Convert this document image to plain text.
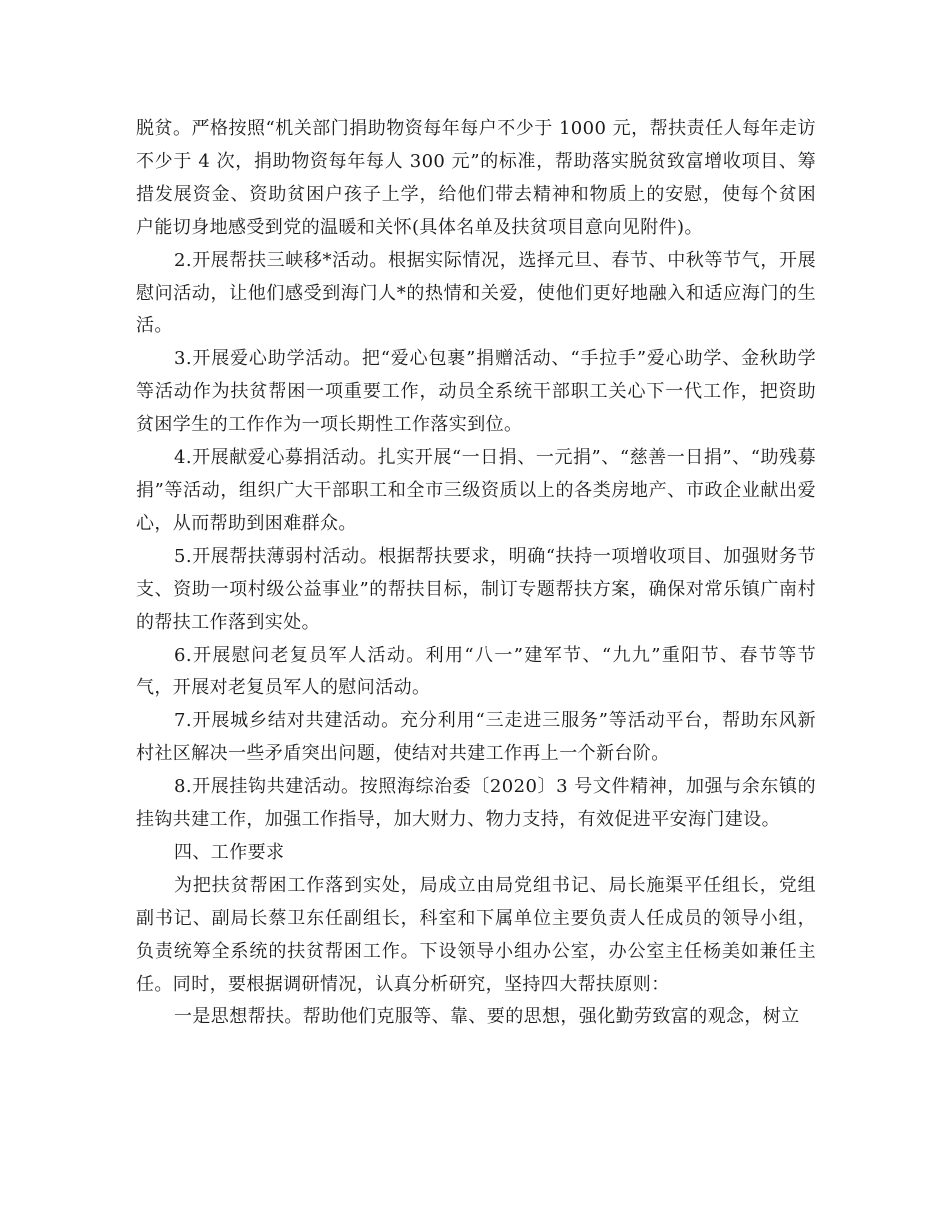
脱贫。严格按照“机关部门捐助物资每年每户不少于 1000 元，帮扶责任人每年走访不少于 4 次，捐助物资每年每人 300 元”的标准，帮助落实脱贫致富增收项目、筹措发展资金、资助贫困户孩子上学，给他们带去精神和物质上的安慰，使每个贫困户能切身地感受到党的温暖和关怀(具体名单及扶贫项目意向见附件)。

2.开展帮扶三峡移*活动。根据实际情况，选择元旦、春节、中秋等节气，开展慰问活动，让他们感受到海门人*的热情和关爱，使他们更好地融入和适应海门的生活。

3.开展爱心助学活动。把“爱心包裹”捐赠活动、“手拉手”爱心助学、金秋助学等活动作为扶贫帮困一项重要工作，动员全系统干部职工关心下一代工作，把资助贫困学生的工作作为一项长期性工作落实到位。

4.开展献爱心募捐活动。扎实开展“一日捐、一元捐”、“慈善一日捐”、“助残募捐”等活动，组织广大干部职工和全市三级资质以上的各类房地产、市政企业献出爱心，从而帮助到困难群众。

5.开展帮扶薄弱村活动。根据帮扶要求，明确“扶持一项增收项目、加强财务节支、资助一项村级公益事业”的帮扶目标，制订专题帮扶方案，确保对常乐镇广南村的帮扶工作落到实处。

6.开展慰问老复员军人活动。利用“八一”建军节、“九九”重阳节、春节等节气，开展对老复员军人的慰问活动。

7.开展城乡结对共建活动。充分利用“三走进三服务”等活动平台，帮助东风新村社区解决一些矛盾突出问题，使结对共建工作再上一个新台阶。

8.开展挂钩共建活动。按照海综治委〔2020〕3 号文件精神，加强与余东镇的挂钩共建工作，加强工作指导，加大财力、物力支持，有效促进平安海门建设。

四、工作要求

为把扶贫帮困工作落到实处，局成立由局党组书记、局长施渠平任组长，党组副书记、副局长蔡卫东任副组长，科室和下属单位主要负责人任成员的领导小组，负责统筹全系统的扶贫帮困工作。下设领导小组办公室，办公室主任杨美如兼任主任。同时，要根据调研情况，认真分析研究，坚持四大帮扶原则：

一是思想帮扶。帮助他们克服等、靠、要的思想，强化勤劳致富的观念，树立
